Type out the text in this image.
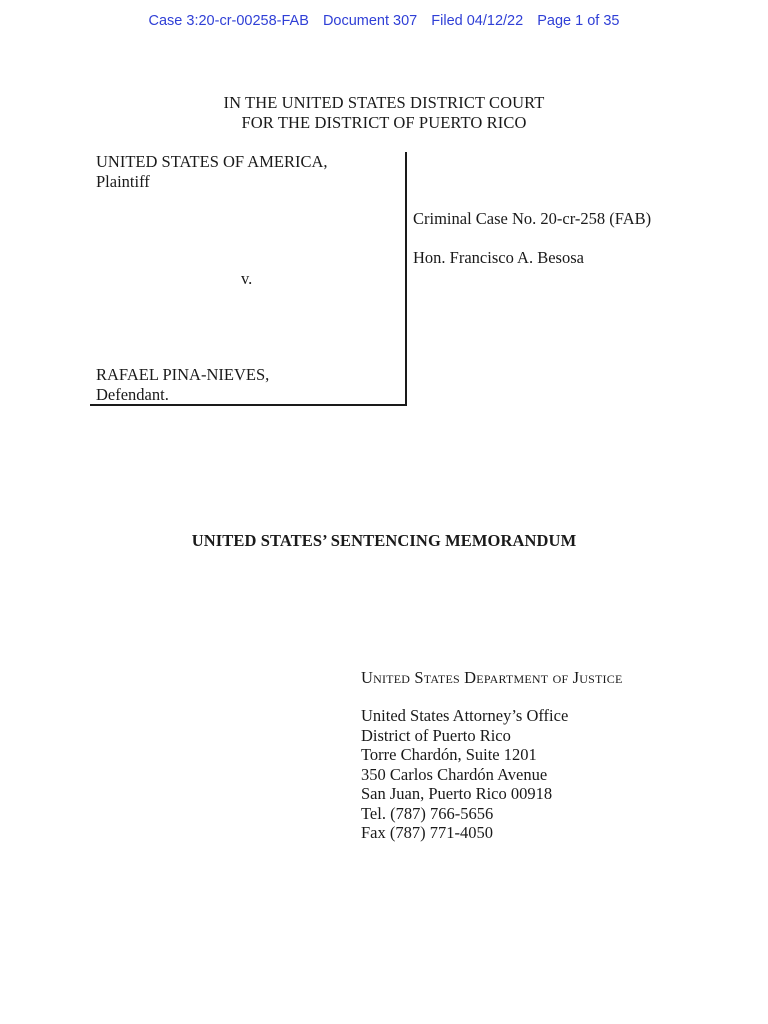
Case 3:20-cr-00258-FAB Document 307 Filed 04/12/22 Page 1 of 35
IN THE UNITED STATES DISTRICT COURT
FOR THE DISTRICT OF PUERTO RICO
UNITED STATES OF AMERICA,
Plaintiff
v.
RAFAEL PINA-NIEVES,
Defendant.
Criminal Case No. 20-cr-258 (FAB)
Hon. Francisco A. Besosa
UNITED STATES’ SENTENCING MEMORANDUM
United States Department of Justice
United States Attorney’s Office
District of Puerto Rico
Torre Chardón, Suite 1201
350 Carlos Chardón Avenue
San Juan, Puerto Rico 00918
Tel. (787) 766-5656
Fax (787) 771-4050
